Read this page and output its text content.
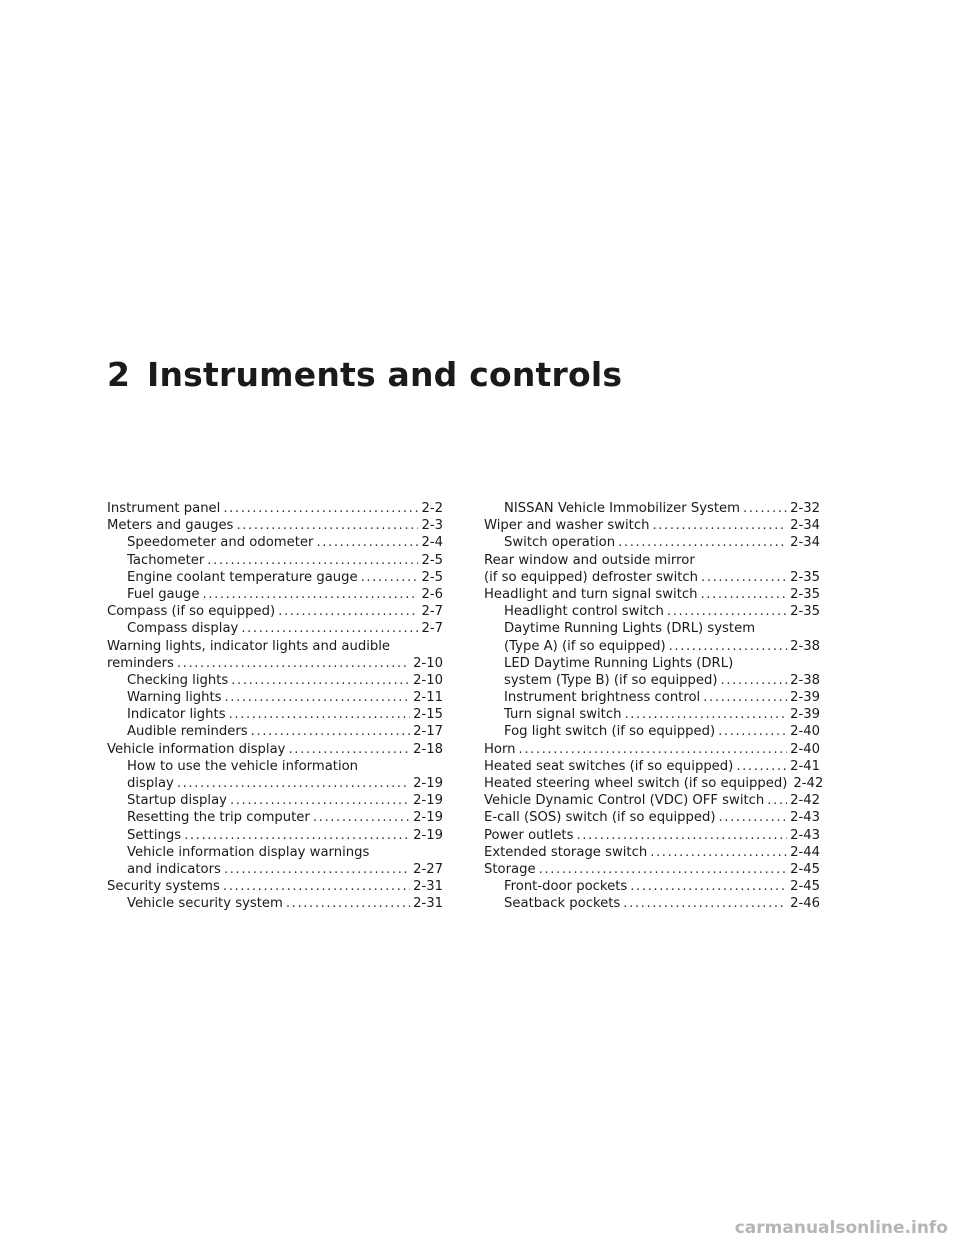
2 Instruments and controls
Instrument panel .....	2-2
Meters and gauges .....	2-3
Speedometer and odometer .....	2-4
Tachometer .....	2-5
Engine coolant temperature gauge .....	2-5
Fuel gauge .....	2-6
Compass (if so equipped) .....	2-7
Compass display .....	2-7
Warning lights, indicator lights and audible
reminders .....	2-10
Checking lights .....	2-10
Warning lights .....	2-11
Indicator lights .....	2-15
Audible reminders .....	2-17
Vehicle information display .....	2-18
How to use the vehicle information
display .....	2-19
Startup display .....	2-19
Resetting the trip computer .....	2-19
Settings .....	2-19
Vehicle information display warnings
and indicators .....	2-27
Security systems .....	2-31
Vehicle security system .....	2-31
NISSAN Vehicle Immobilizer System .....	2-32
Wiper and washer switch .....	2-34
Switch operation .....	2-34
Rear window and outside mirror
(if so equipped) defroster switch .....	2-35
Headlight and turn signal switch .....	2-35
Headlight control switch .....	2-35
Daytime Running Lights (DRL) system
(Type A) (if so equipped) .....	2-38
LED Daytime Running Lights (DRL)
system (Type B) (if so equipped) .....	2-38
Instrument brightness control .....	2-39
Turn signal switch .....	2-39
Fog light switch (if so equipped) .....	2-40
Horn .....	2-40
Heated seat switches (if so equipped) .....	2-41
Heated steering wheel switch (if so equipped) 2-42
Vehicle Dynamic Control (VDC) OFF switch ..... 2-42
E-call (SOS) switch (if so equipped) .....	2-43
Power outlets .....	2-43
Extended storage switch .....	2-44
Storage .....	2-45
Front-door pockets .....	2-45
Seatback pockets .....	2-46
carmanualsonline.info
